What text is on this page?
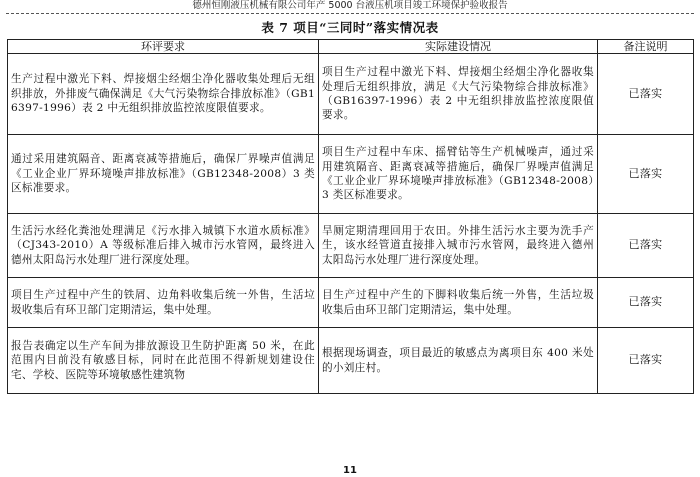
德州恒刚液压机械有限公司年产 5000 台液压机项目竣工环境保护验收报告
表 7 项目“三同时”落实情况表
环评要求	实际建设情况	备注说明
生产过程中激光下料、焊接烟尘经烟尘净化器收集处理后无组织排放，外排废气确保满足《大气污染物综合排放标准》（GB16397-1996）表 2 中无组织排放监控浓度限值要求。	项目生产过程中激光下料、焊接烟尘经烟尘净化器收集处理后无组织排放，满足《大气污染物综合排放标准》（GB16397-1996）表 2 中无组织排放监控浓度限值要求。	已落实
通过采用建筑隔音、距离衰减等措施后，确保厂界噪声值满足《工业企业厂界环境噪声排放标准》（GB12348-2008）3 类区标准要求。	项目生产过程中车床、摇臂钻等生产机械噪声，通过采用建筑隔音、距离衰减等措施后，确保厂界噪声值满足《工业企业厂界环境噪声排放标准》（GB12348-2008）3 类区标准要求。	已落实
生活污水经化粪池处理满足《污水排入城镇下水道水质标准》（CJ343-2010）A 等级标准后排入城市污水管网，最终进入德州太阳岛污水处理厂进行深度处理。	旱厕定期清理回用于农田。外排生活污水主要为洗手产生，该水经管道直接排入城市污水管网，最终进入德州太阳岛污水处理厂进行深度处理。	已落实
项目生产过程中产生的铁屑、边角料收集后统一外售，生活垃圾收集后有环卫部门定期清运，集中处理。	目生产过程中产生的下脚料收集后统一外售，生活垃圾收集后由环卫部门定期清运，集中处理。	已落实
报告表确定以生产车间为排放源设卫生防护距离 50 米，在此范围内目前没有敏感目标，同时在此范围不得新规划建设住宅、学校、医院等环境敏感性建筑物	根据现场调查，项目最近的敏感点为离项目东 400 米处的小刘庄村。	已落实
11
